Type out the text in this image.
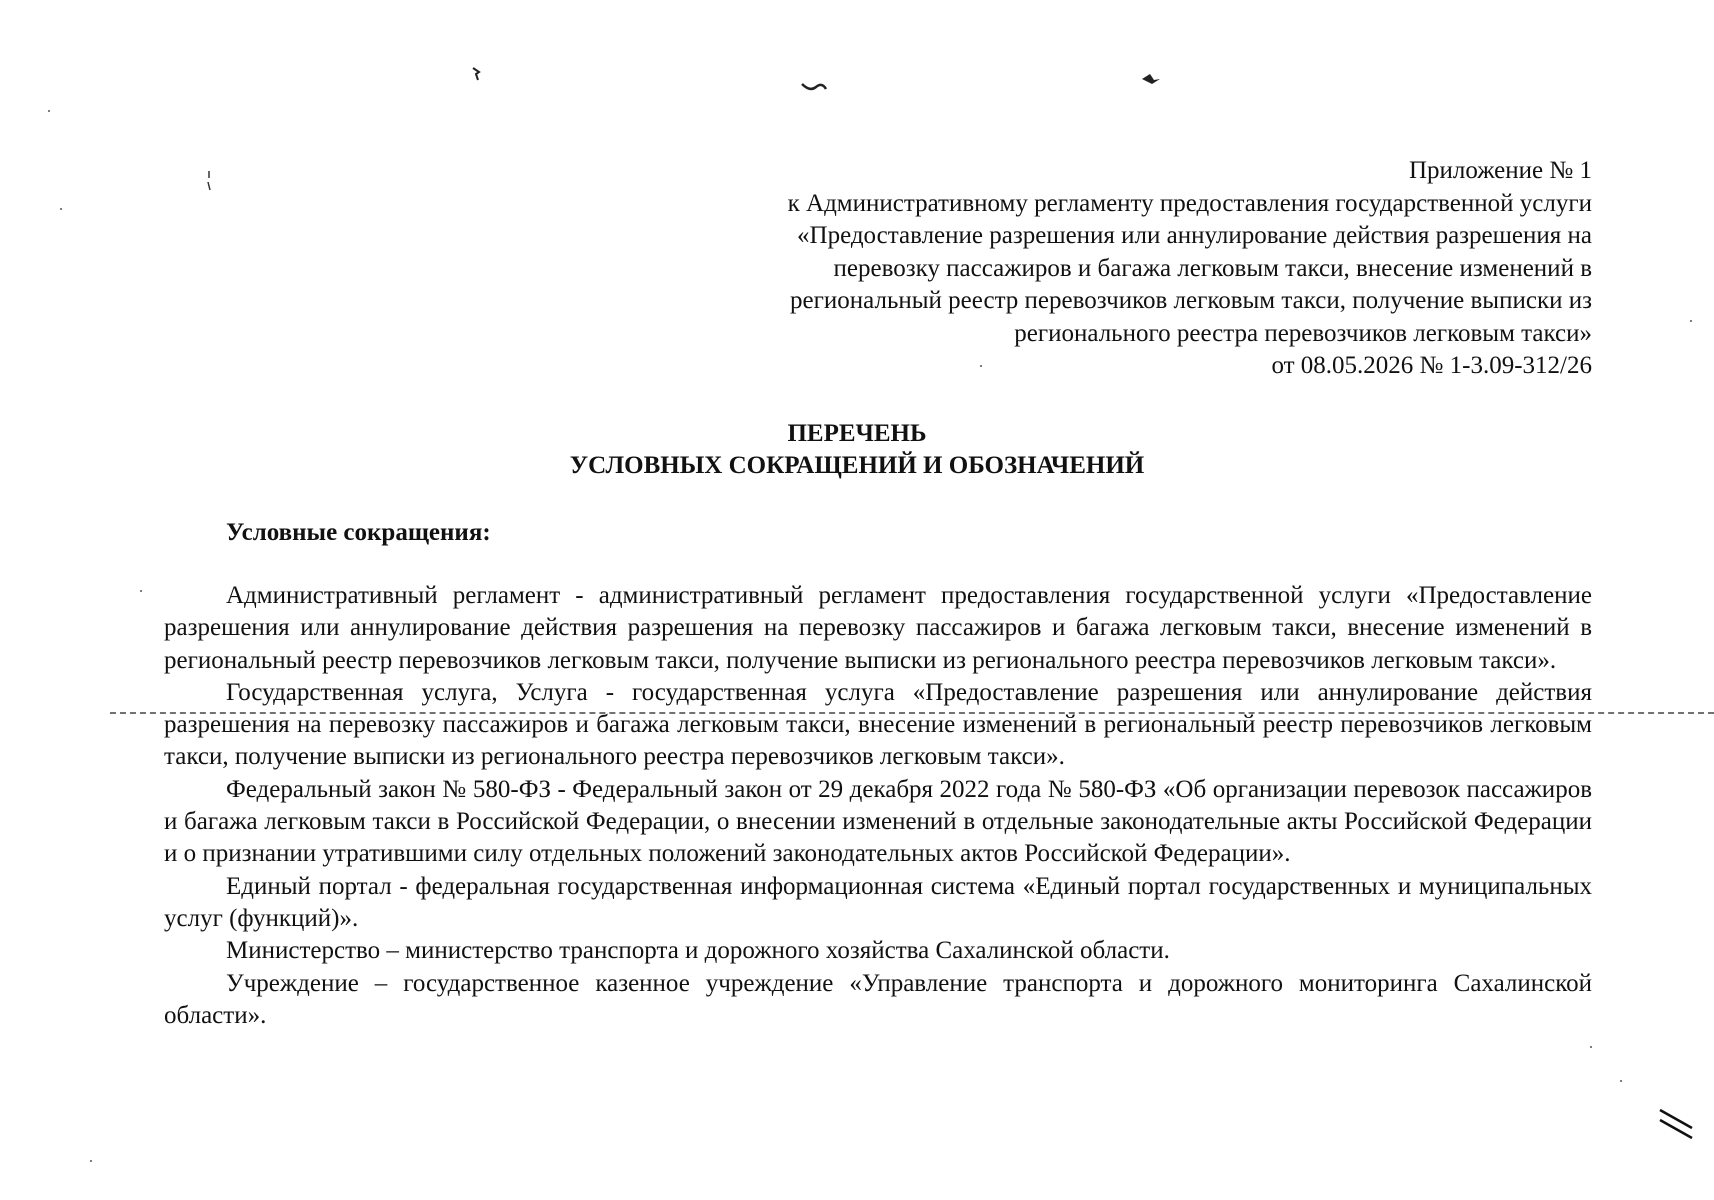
Приложение № 1
к Административному регламенту предоставления государственной услуги
«Предоставление разрешения или аннулирование действия разрешения на
перевозку пассажиров и багажа легковым такси, внесение изменений в
региональный реестр перевозчиков легковым такси, получение выписки из
регионального реестра перевозчиков легковым такси»
от 08.05.2026 № 1-3.09-312/26
ПЕРЕЧЕНЬ
УСЛОВНЫХ СОКРАЩЕНИЙ И ОБОЗНАЧЕНИЙ
Условные сокращения:

Административный регламент - административный регламент предоставления государственной услуги «Предоставление разрешения или аннулирование действия разрешения на перевозку пассажиров и багажа легковым такси, внесение изменений в региональный реестр перевозчиков легковым такси, получение выписки из регионального реестра перевозчиков легковым такси».

Государственная услуга, Услуга - государственная услуга «Предоставление разрешения или аннулирование действия разрешения на перевозку пассажиров и багажа легковым такси, внесение изменений в региональный реестр перевозчиков легковым такси, получение выписки из регионального реестра перевозчиков легковым такси».

Федеральный закон № 580-ФЗ - Федеральный закон от 29 декабря 2022 года № 580-ФЗ «Об организации перевозок пассажиров и багажа легковым такси в Российской Федерации, о внесении изменений в отдельные законодательные акты Российской Федерации и о признании утратившими силу отдельных положений законодательных актов Российской Федерации».

Единый портал - федеральная государственная информационная система «Единый портал государственных и муниципальных услуг (функций)».

Министерство – министерство транспорта и дорожного хозяйства Сахалинской области.

Учреждение – государственное казенное учреждение «Управление транспорта и дорожного мониторинга Сахалинской области».
